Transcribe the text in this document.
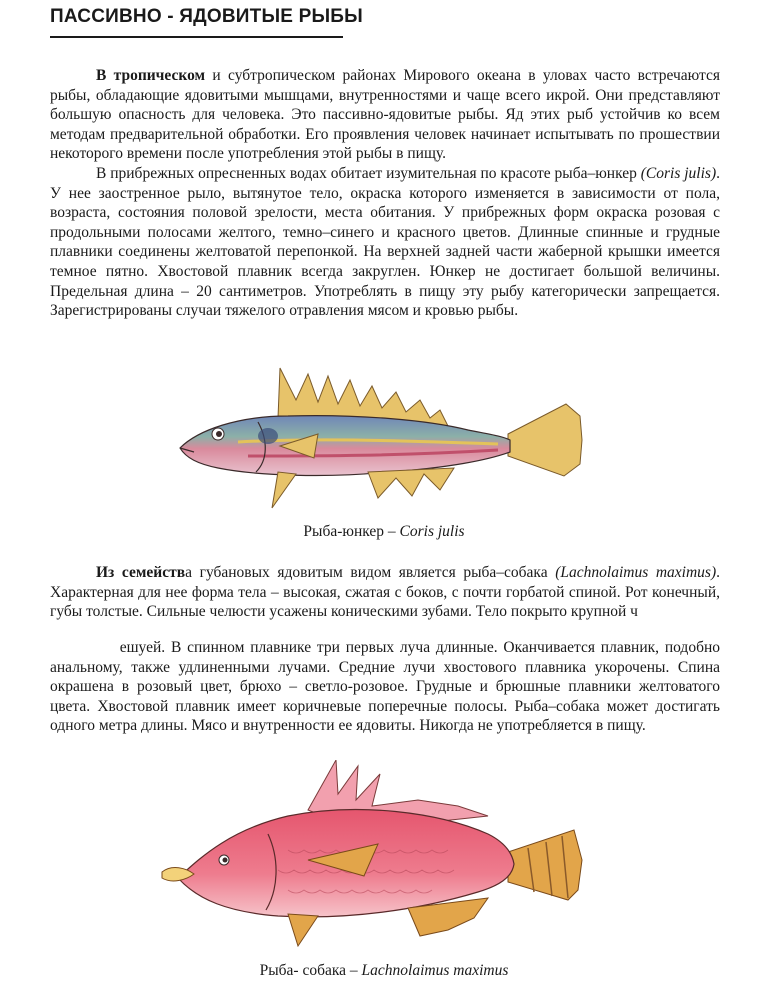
ПАССИВНО - ЯДОВИТЫЕ РЫБЫ

В тропическом и субтропическом районах Мирового океана в уловах часто встречаются рыбы, обладающие ядовитыми мышцами, внутренностями и чаще всего икрой. Они представляют большую опасность для человека. Это пассивно-ядовитые рыбы. Яд этих рыб устойчив ко всем методам предварительной обработки. Его проявления человек начинает испытывать по прошествии некоторого времени после употребления этой рыбы в пищу.

В прибрежных опресненных водах обитает изумительная по красоте рыба–юнкер (Coris julis). У нее заостренное рыло, вытянутое тело, окраска которого изменяется в зависимости от пола, возраста, состояния половой зрелости, места обитания. У прибрежных форм окраска розовая с продольными полосами желтого, темно–синего и красного цветов. Длинные спинные и грудные плавники соединены желтоватой перепонкой. На верхней задней части жаберной крышки имеется темное пятно. Хвостовой плавник всегда закруглен. Юнкер не достигает большой величины. Предельная длина – 20 сантиметров. Употреблять в пищу эту рыбу категорически запрещается. Зарегистрированы случаи тяжелого отравления мясом и кровью рыбы.

Рыба-юнкер – Coris julis

Из семейства губановых ядовитым видом является рыба–собака (Lachnolaimus maximus). Характерная для нее форма тела – высокая, сжатая с боков, с почти горбатой спиной. Рот конечный, губы толстые. Сильные челюсти усажены коническими зубами. Тело покрыто крупной ч

ешуей. В спинном плавнике три первых луча длинные. Оканчивается плавник, подобно анальному, также удлиненными лучами. Средние лучи хвостового плавника укорочены. Спина окрашена в розовый цвет, брюхо – светло-розовое. Грудные и брюшные плавники желтоватого цвета. Хвостовой плавник имеет коричневые поперечные полосы. Рыба–собака может достигать одного метра длины. Мясо и внутренности ее ядовиты. Никогда не употребляется в пищу.

Рыба- собака – Lachnolaimus maximus
